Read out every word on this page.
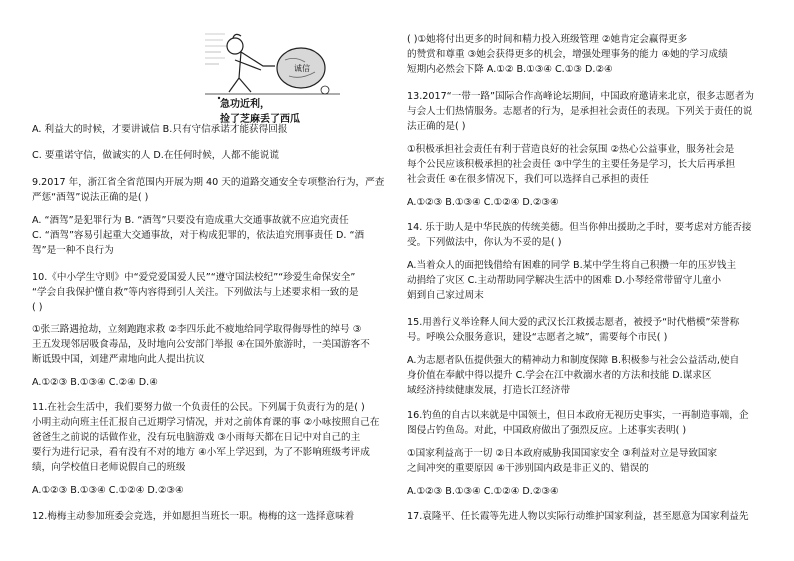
诚信
急功近利，
捡了芝麻丢了西瓜
A. 利益大的时候，才要讲诚信 B.只有守信承诺才能获得回报
C. 要重诺守信，做诚实的人 D.在任何时候，人都不能说谎
9.2017 年，浙江省全省范围内开展为期 40 天的道路交通安全专项整治行为，严查
严惩“酒驾”说法正确的是( )
A. “酒驾”是犯罪行为 B. “酒驾”只要没有造成重大交通事故就不应追究责任
C. “酒驾”容易引起重大交通事故，对于构成犯罪的，依法追究刑事责任 D. “酒
驾”是一种不良行为
10.《中小学生守则》中“爱党爱国爱人民”“遵守国法校纪”“珍爱生命保安全”
“学会自我保护懂自救”等内容得到引人关注。下列做法与上述要求相一致的是
( )
①张三路遇抢劫，立刻跑跑求救 ②李四乐此不疲地给同学取得侮辱性的绰号 ③
王五发现邻居吸食毒品，及时地向公安部门举报 ④在国外旅游时，一美国游客不
断诋毁中国，刘建严肃地向此人提出抗议
A.①②③ B.①③④ C.②④ D.④
11.在社会生活中，我们要努力做一个负责任的公民。下列属于负责行为的是( )
小明主动向班主任汇报自己近期学习情况，并对之前体育课的事 ②小咏按照自己在
爸爸生之前说的话做作业，没有玩电脑游戏 ③小雨每天都在日记中对自己的主
要行为进行记录，看有没有不对的地方 ④小军上学迟到，为了不影响班级考评成
绩，向学校值日老师说假自己的班级
A.①②③ B.①③④ C.①②④ D.②③④
12.梅梅主动参加班委会竞选，并如愿担当班长一职。梅梅的这一选择意味着
( )①她将付出更多的时间和精力投入班级管理 ②她肯定会赢得更多
的赞赏和尊重 ③她会获得更多的机会，增强处理事务的能力 ④她的学习成绩
短期内必然会下降 A.①② B.①③④ C.①③ D.②④
13.2017“一带一路”国际合作高峰论坛期间，中国政府邀请来北京，很多志愿者为
与会人士们热情服务。志愿者的行为，是承担社会责任的表现。下列关于责任的说
法正确的是( )
①积极承担社会责任有利于营造良好的社会氛围 ②热心公益事业，服务社会是
每个公民应该积极承担的社会责任 ③中学生的主要任务是学习，长大后再承担
社会责任 ④在很多情况下，我们可以选择自己承担的责任
A.①②③ B.①③④ C.①②④ D.②③④
14. 乐于助人是中华民族的传统美德。但当你伸出援助之手时，要考虑对方能否接
受。下列做法中，你认为不妥的是( )
A.当着众人的面把钱借给有困难的同学 B.某中学生将自己积攒一年的压岁钱主
动捐给了灾区 C.主动帮助同学解决生活中的困难 D.小琴经常带留守儿童小
娟到自己家过周末
15.用善行义举诠释人间大爱的武汉长江救援志愿者，被授予“时代楷模”荣誉称
号。呼唤公众服务意识，建设“志愿者之城”，需要每个市民( )
A.为志愿者队伍提供强大的精神动力和制度保障 B.积极参与社会公益活动,使自
身价值在奉献中得以提升 C.学会在江中救溺水者的方法和技能 D.谋求区
域经济持续健康发展，打造长江经济带
16.钓鱼的自古以来就是中国领土，但日本政府无视历史事实，一再制造事端，企
图侵占钓鱼岛。对此，中国政府做出了强烈反应。上述事实表明( )
①国家利益高于一切 ②日本政府威胁我国国家安全 ③利益对立是导致国家
之间冲突的重要原因 ④干涉别国内政是非正义的、错误的
A.①②③ B.①③④ C.①②④ D.②③④
17.袁隆平、任长霞等先进人物以实际行动维护国家利益，甚至愿意为国家利益先
